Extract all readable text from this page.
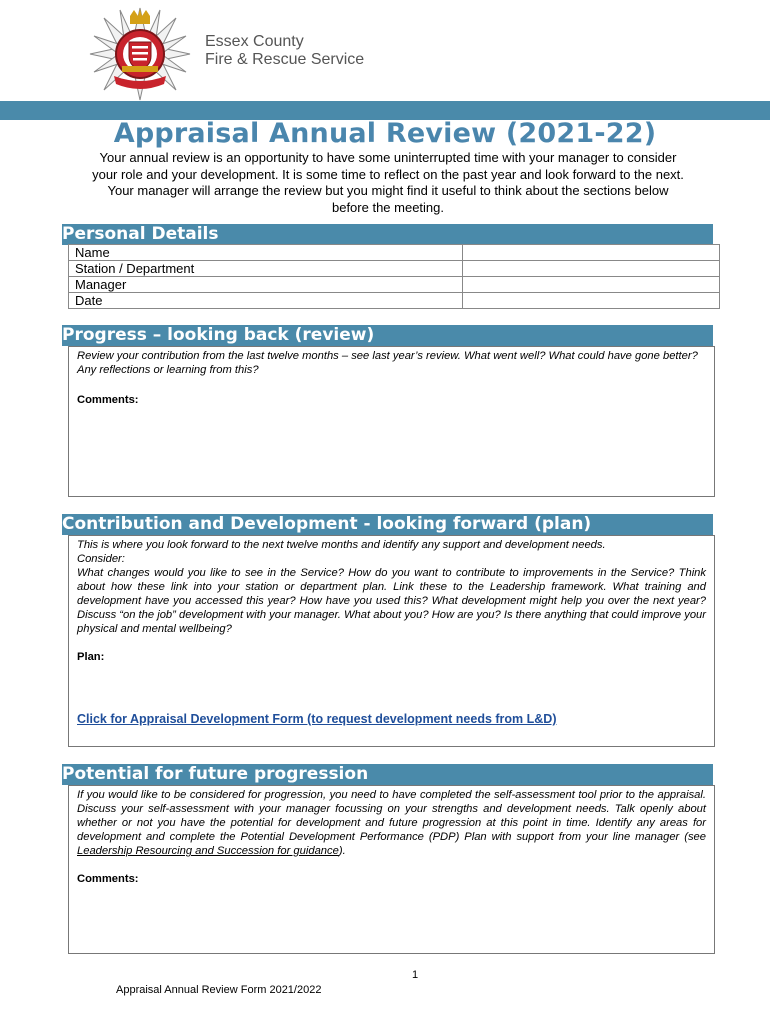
Essex County
Fire & Rescue Service
Appraisal Annual Review (2021-22)
Your annual review is an opportunity to have some uninterrupted time with your manager to consider
your role and your development. It is some time to reflect on the past year and look forward to the next.
Your manager will arrange the review but you might find it useful to think about the sections below
before the meeting.
Personal Details
Name	
Station / Department	
Manager	
Date	
Progress – looking back (review)
Review your contribution from the last twelve months – see last year’s review. What went well? What could have gone better? Any reflections or learning from this?
Comments:
Contribution and Development - looking forward (plan)
This is where you look forward to the next twelve months and identify any support and development needs.
Consider:
What changes would you like to see in the Service? How do you want to contribute to improvements in the Service? Think about how these link into your station or department plan. Link these to the Leadership framework. What training and development have you accessed this year? How have you used this? What development might help you over the next year? Discuss “on the job” development with your manager. What about you? How are you? Is there anything that could improve your physical and mental wellbeing?
Plan:
Click for Appraisal Development Form (to request development needs from L&D)
Potential for future progression
If you would like to be considered for progression, you need to have completed the self-assessment tool prior to the appraisal. Discuss your self-assessment with your manager focussing on your strengths and development needs. Talk openly about whether or not you have the potential for development and future progression at this point in time. Identify any areas for development and complete the Potential Development Performance (PDP) Plan with support from your line manager (see Leadership Resourcing and Succession for guidance).
Comments:
1
Appraisal Annual Review Form 2021/2022
